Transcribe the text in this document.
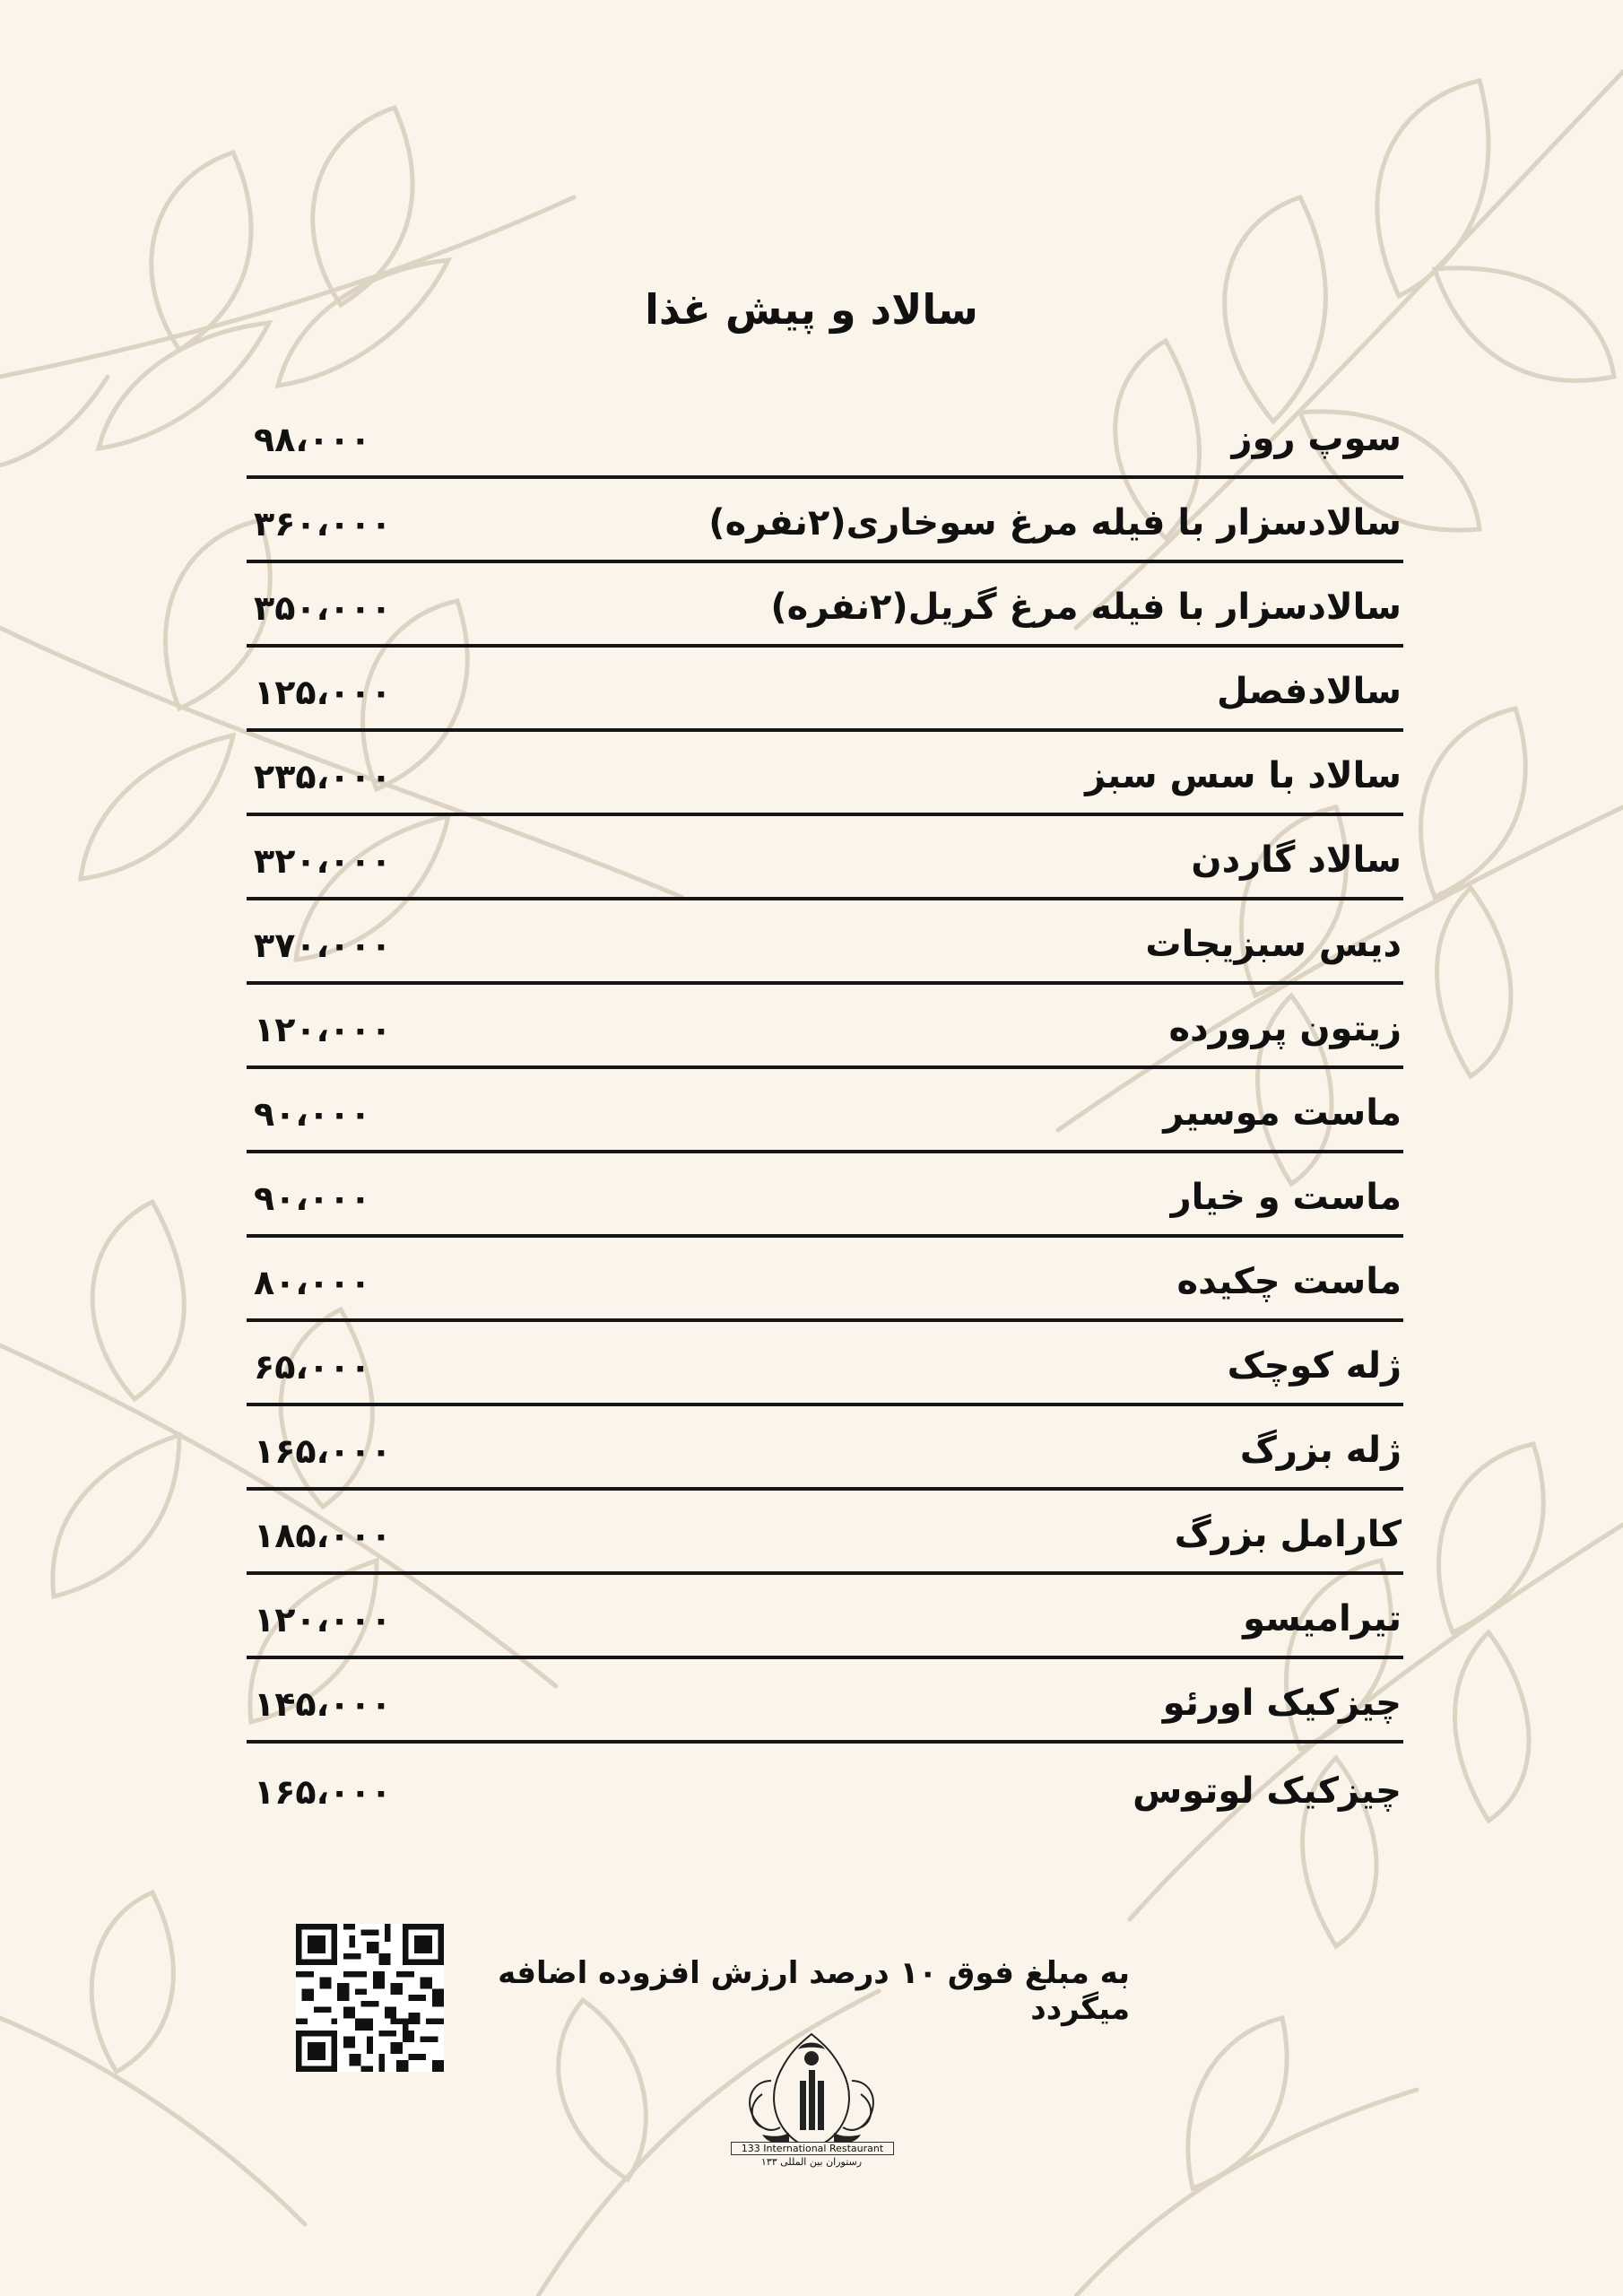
سالاد و پیش غذا
سوپ روز
۹۸،۰۰۰
سالادسزار با فیله مرغ سوخاری(۲نفره)
۳۶۰،۰۰۰
سالادسزار با فیله مرغ گریل(۲نفره)
۳۵۰،۰۰۰
سالادفصل
۱۲۵،۰۰۰
سالاد با سس سبز
۲۳۵،۰۰۰
سالاد گاردن
۳۲۰،۰۰۰
دیس سبزیجات
۳۷۰،۰۰۰
زیتون پرورده
۱۲۰،۰۰۰
ماست موسیر
۹۰،۰۰۰
ماست و خیار
۹۰،۰۰۰
ماست چکیده
۸۰،۰۰۰
ژله کوچک
۶۵،۰۰۰
ژله بزرگ
۱۶۵،۰۰۰
کارامل بزرگ
۱۸۵،۰۰۰
تیرامیسو
۱۲۰،۰۰۰
چیزکیک اورئو
۱۴۵،۰۰۰
چیزکیک لوتوس
۱۶۵،۰۰۰
به مبلغ فوق ۱۰ درصد ارزش افزوده اضافه میگردد
133 International Restaurant
رستوران بین المللی ۱۳۳
